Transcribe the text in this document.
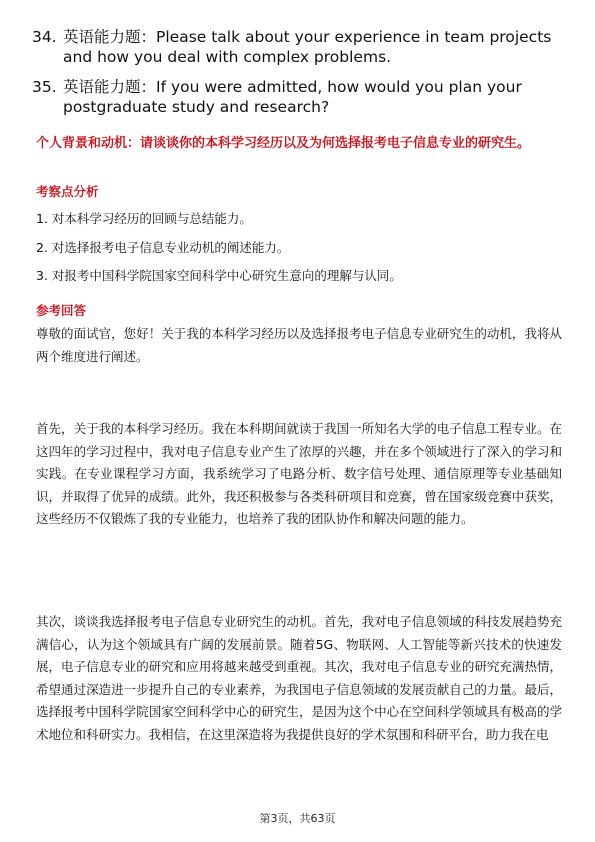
34. 英语能力题：Please talk about your experience in team projects and how you deal with complex problems.
35. 英语能力题：If you were admitted, how would you plan your postgraduate study and research?
个人背景和动机：请谈谈你的本科学习经历以及为何选择报考电子信息专业的研究生。
考察点分析
1. 对本科学习经历的回顾与总结能力。
2. 对选择报考电子信息专业动机的阐述能力。
3. 对报考中国科学院国家空间科学中心研究生意向的理解与认同。
参考回答
尊敬的面试官，您好！关于我的本科学习经历以及选择报考电子信息专业研究生的动机，我将从两个维度进行阐述。
首先，关于我的本科学习经历。我在本科期间就读于我国一所知名大学的电子信息工程专业。在这四年的学习过程中，我对电子信息专业产生了浓厚的兴趣，并在多个领域进行了深入的学习和实践。在专业课程学习方面，我系统学习了电路分析、数字信号处理、通信原理等专业基础知识，并取得了优异的成绩。此外，我还积极参与各类科研项目和竞赛，曾在国家级竞赛中获奖，这些经历不仅锻炼了我的专业能力，也培养了我的团队协作和解决问题的能力。
其次，谈谈我选择报考电子信息专业研究生的动机。首先，我对电子信息领域的科技发展趋势充满信心，认为这个领域具有广阔的发展前景。随着5G、物联网、人工智能等新兴技术的快速发展，电子信息专业的研究和应用将越来越受到重视。其次，我对电子信息专业的研究充满热情，希望通过深造进一步提升自己的专业素养，为我国电子信息领域的发展贡献自己的力量。最后，选择报考中国科学院国家空间科学中心的研究生，是因为这个中心在空间科学领域具有极高的学术地位和科研实力。我相信，在这里深造将为我提供良好的学术氛围和科研平台，助力我在电
第3页，共63页
